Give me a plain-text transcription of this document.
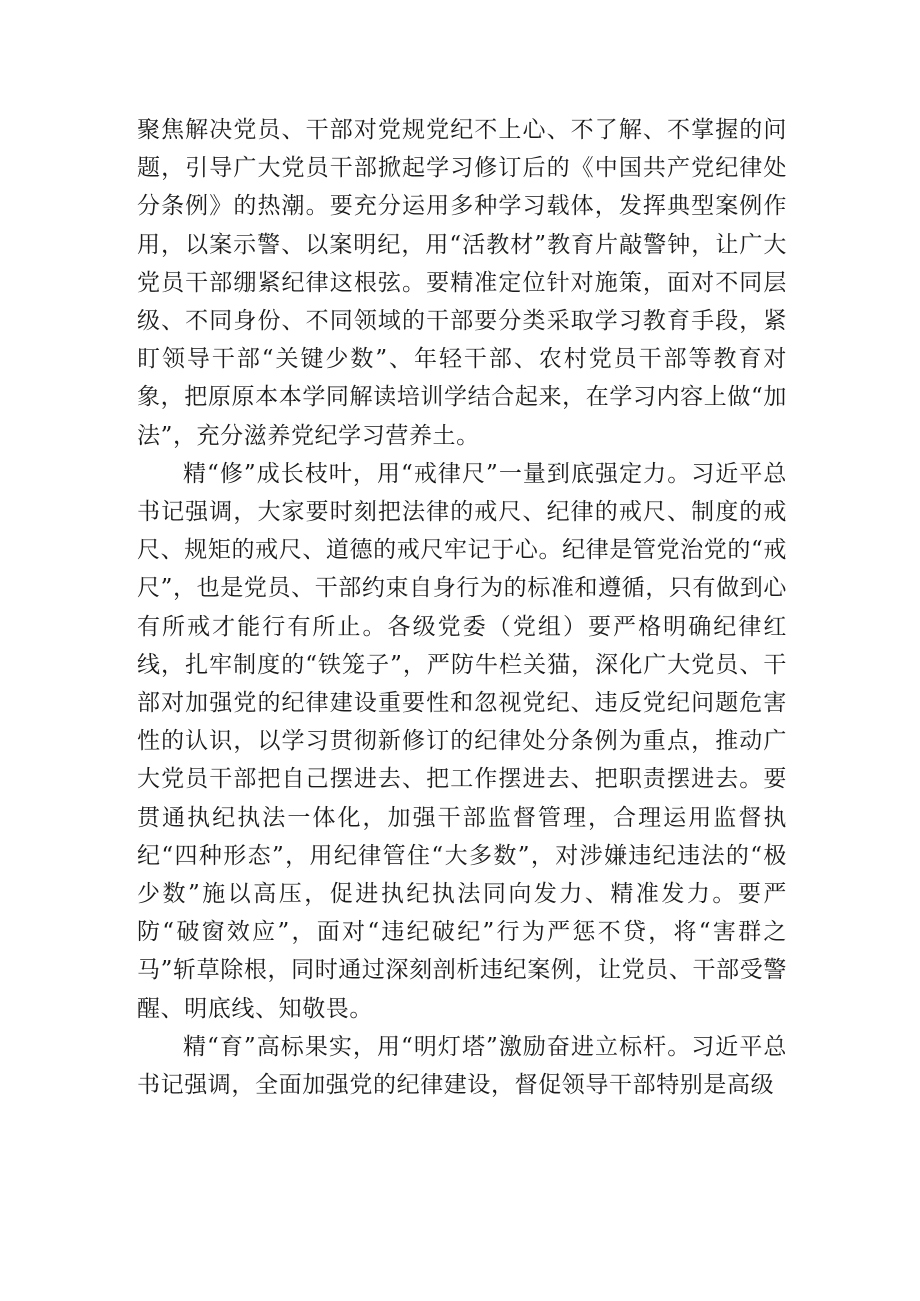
聚焦解决党员、干部对党规党纪不上心、不了解、不掌握的问题，引导广大党员干部掀起学习修订后的《中国共产党纪律处分条例》的热潮。要充分运用多种学习载体，发挥典型案例作用，以案示警、以案明纪，用“活教材”教育片敲警钟，让广大党员干部绷紧纪律这根弦。要精准定位针对施策，面对不同层级、不同身份、不同领域的干部要分类采取学习教育手段，紧盯领导干部“关键少数”、年轻干部、农村党员干部等教育对象，把原原本本学同解读培训学结合起来，在学习内容上做“加法”，充分滋养党纪学习营养土。

精“修”成长枝叶，用“戒律尺”一量到底强定力。习近平总书记强调，大家要时刻把法律的戒尺、纪律的戒尺、制度的戒尺、规矩的戒尺、道德的戒尺牢记于心。纪律是管党治党的“戒尺”，也是党员、干部约束自身行为的标准和遵循，只有做到心有所戒才能行有所止。各级党委（党组）要严格明确纪律红线，扎牢制度的“铁笼子”，严防牛栏关猫，深化广大党员、干部对加强党的纪律建设重要性和忽视党纪、违反党纪问题危害性的认识，以学习贯彻新修订的纪律处分条例为重点，推动广大党员干部把自己摆进去、把工作摆进去、把职责摆进去。要贯通执纪执法一体化，加强干部监督管理，合理运用监督执纪“四种形态”，用纪律管住“大多数”，对涉嫌违纪违法的“极少数”施以高压，促进执纪执法同向发力、精准发力。要严防“破窗效应”，面对“违纪破纪”行为严惩不贷，将“害群之马”斩草除根，同时通过深刻剖析违纪案例，让党员、干部受警醒、明底线、知敬畏。

精“育”高标果实，用“明灯塔”激励奋进立标杆。习近平总书记强调，全面加强党的纪律建设，督促领导干部特别是高级
